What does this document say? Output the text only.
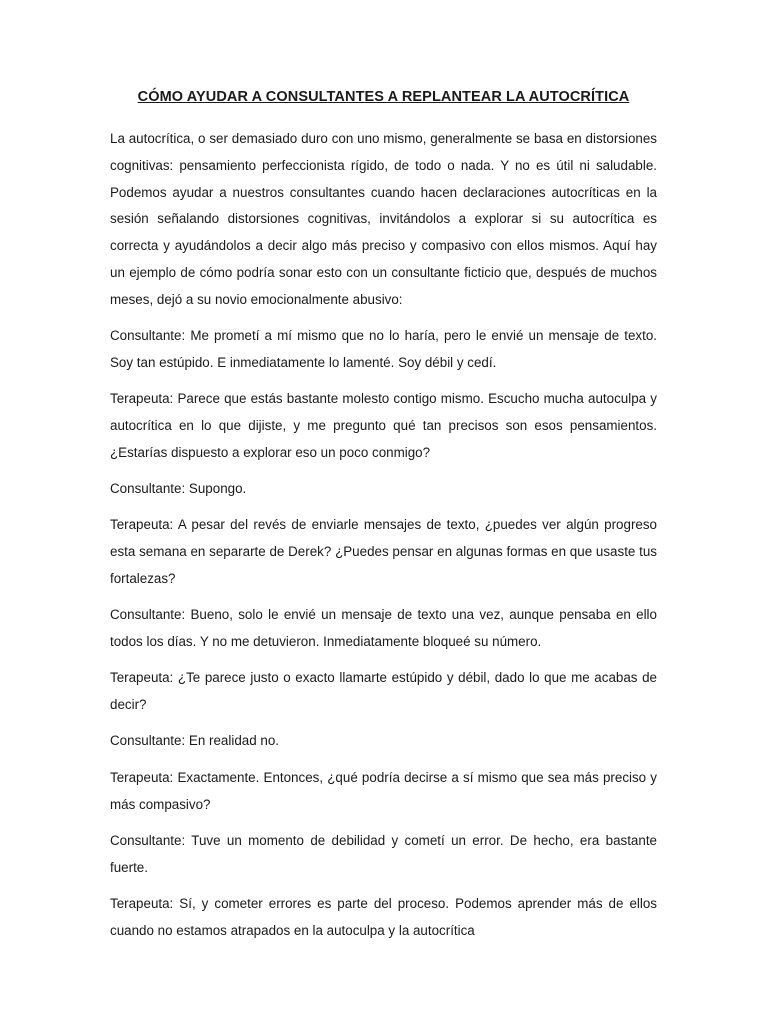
CÓMO AYUDAR A CONSULTANTES A REPLANTEAR LA AUTOCRÍTICA

La autocrítica, o ser demasiado duro con uno mismo, generalmente se basa en distorsiones cognitivas: pensamiento perfeccionista rígido, de todo o nada. Y no es útil ni saludable. Podemos ayudar a nuestros consultantes cuando hacen declaraciones autocríticas en la sesión señalando distorsiones cognitivas, invitándolos a explorar si su autocrítica es correcta y ayudándolos a decir algo más preciso y compasivo con ellos mismos. Aquí hay un ejemplo de cómo podría sonar esto con un consultante ficticio que, después de muchos meses, dejó a su novio emocionalmente abusivo:

Consultante: Me prometí a mí mismo que no lo haría, pero le envié un mensaje de texto. Soy tan estúpido. E inmediatamente lo lamenté. Soy débil y cedí.

Terapeuta: Parece que estás bastante molesto contigo mismo. Escucho mucha autoculpa y autocrítica en lo que dijiste, y me pregunto qué tan precisos son esos pensamientos. ¿Estarías dispuesto a explorar eso un poco conmigo?

Consultante: Supongo.

Terapeuta: A pesar del revés de enviarle mensajes de texto, ¿puedes ver algún progreso esta semana en separarte de Derek? ¿Puedes pensar en algunas formas en que usaste tus fortalezas?

Consultante: Bueno, solo le envié un mensaje de texto una vez, aunque pensaba en ello todos los días. Y no me detuvieron. Inmediatamente bloqueé su número.

Terapeuta: ¿Te parece justo o exacto llamarte estúpido y débil, dado lo que me acabas de decir?

Consultante: En realidad no.

Terapeuta: Exactamente. Entonces, ¿qué podría decirse a sí mismo que sea más preciso y más compasivo?

Consultante: Tuve un momento de debilidad y cometí un error. De hecho, era bastante fuerte.

Terapeuta: Sí, y cometer errores es parte del proceso. Podemos aprender más de ellos cuando no estamos atrapados en la autoculpa y la autocrítica
